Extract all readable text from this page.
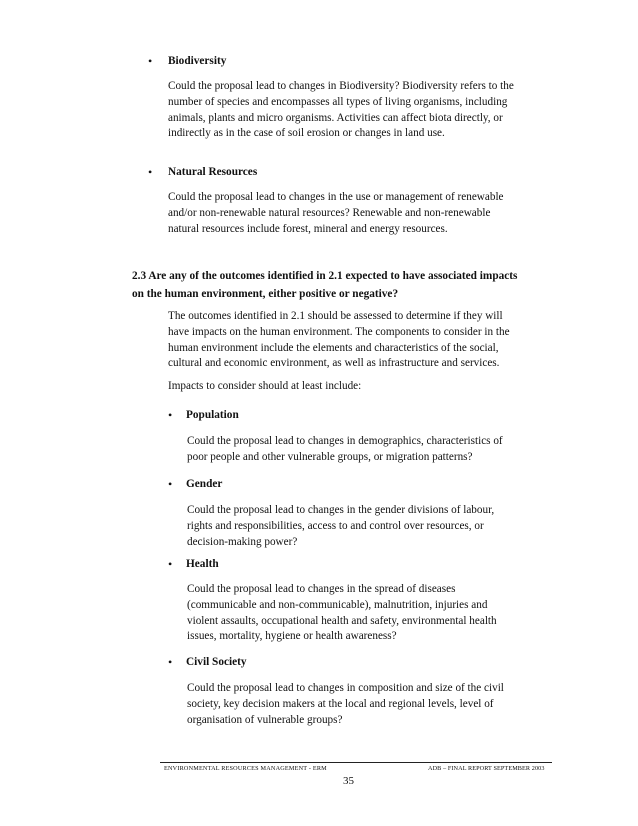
• Biodiversity
Could the proposal lead to changes in Biodiversity? Biodiversity refers to the
number of species and encompasses all types of living organisms, including
animals, plants and micro organisms. Activities can affect biota directly, or
indirectly as in the case of soil erosion or changes in land use.
• Natural Resources
Could the proposal lead to changes in the use or management of renewable
and/or non-renewable natural resources? Renewable and non-renewable
natural resources include forest, mineral and energy resources.
2.3 Are any of the outcomes identified in 2.1 expected to have associated impacts
on the human environment, either positive or negative?
The outcomes identified in 2.1 should be assessed to determine if they will
have impacts on the human environment. The components to consider in the
human environment include the elements and characteristics of the social,
cultural and economic environment, as well as infrastructure and services.
Impacts to consider should at least include:
• Population
Could the proposal lead to changes in demographics, characteristics of
poor people and other vulnerable groups, or migration patterns?
• Gender
Could the proposal lead to changes in the gender divisions of labour,
rights and responsibilities, access to and control over resources, or
decision-making power?
• Health
Could the proposal lead to changes in the spread of diseases
(communicable and non-communicable), malnutrition, injuries and
violent assaults, occupational health and safety, environmental health
issues, mortality, hygiene or health awareness?
• Civil Society
Could the proposal lead to changes in composition and size of the civil
society, key decision makers at the local and regional levels, level of
organisation of vulnerable groups?
ENVIRONMENTAL RESOURCES MANAGEMENT - ERM	ADB – FINAL REPORT SEPTEMBER 2003
35
